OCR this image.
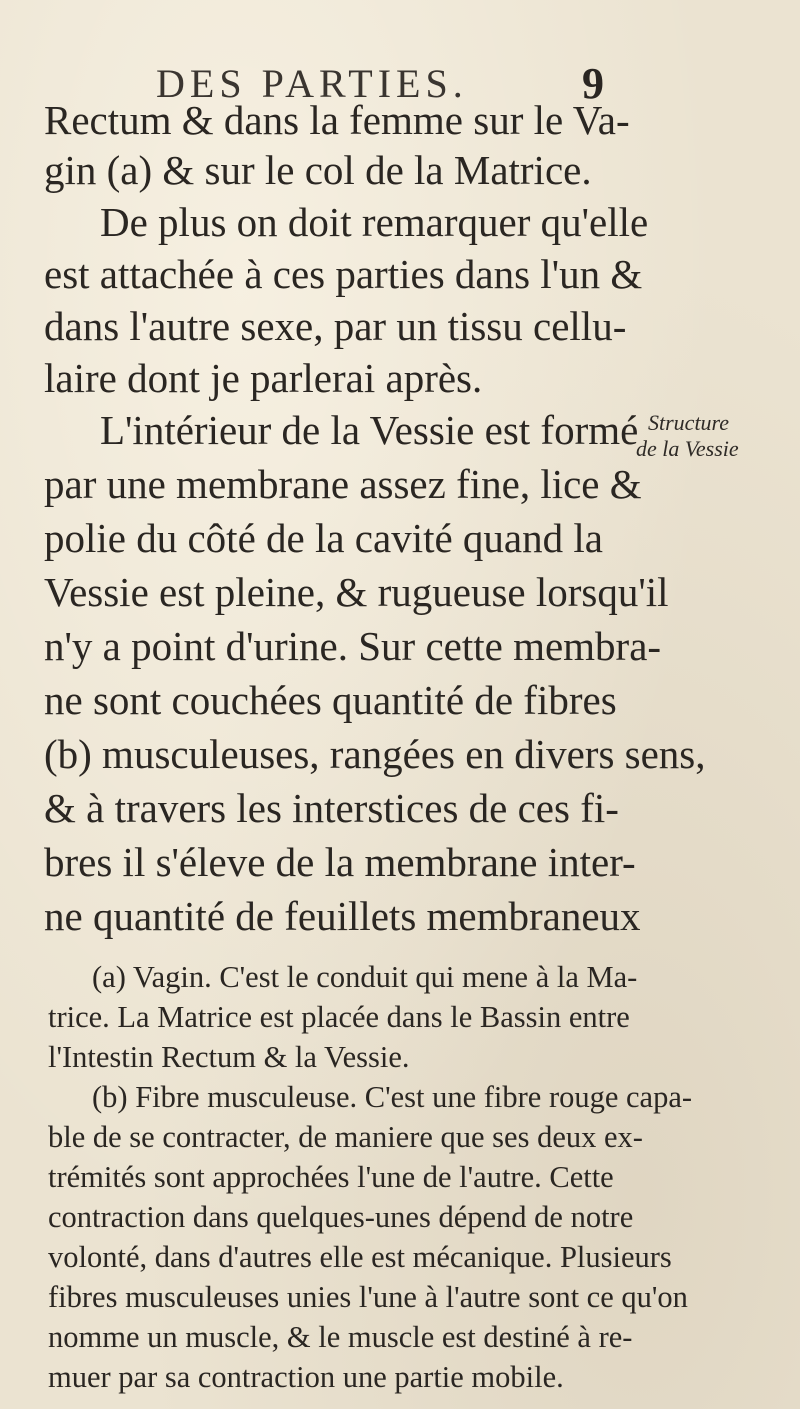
DES PARTIES.	9
Rectum & dans la femme sur le Va-
gin (a) & sur le col de la Matrice.
De plus on doit remarquer qu'elle
est attachée à ces parties dans l'un &
dans l'autre sexe, par un tissu cellu-
laire dont je parlerai après.
L'intérieur de la Vessie est formé
par une membrane assez fine, lice &
polie du côté de la cavité quand la
Vessie est pleine, & rugueuse lorsqu'il
n'y a point d'urine. Sur cette membra-
ne sont couchées quantité de fibres
(b) musculeuses, rangées en divers sens,
& à travers les interstices de ces fi-
bres il s'éleve de la membrane inter-
ne quantité de feuillets membraneux
Structure
de la Vessie
(a) Vagin. C'est le conduit qui mene à la Ma-
trice. La Matrice est placée dans le Bassin entre
l'Intestin Rectum & la Vessie.
(b) Fibre musculeuse. C'est une fibre rouge capa-
ble de se contracter, de maniere que ses deux ex-
trémités sont approchées l'une de l'autre. Cette
contraction dans quelques-unes dépend de notre
volonté, dans d'autres elle est mécanique. Plusieurs
fibres musculeuses unies l'une à l'autre sont ce qu'on
nomme un muscle, & le muscle est destiné à re-
muer par sa contraction une partie mobile.
